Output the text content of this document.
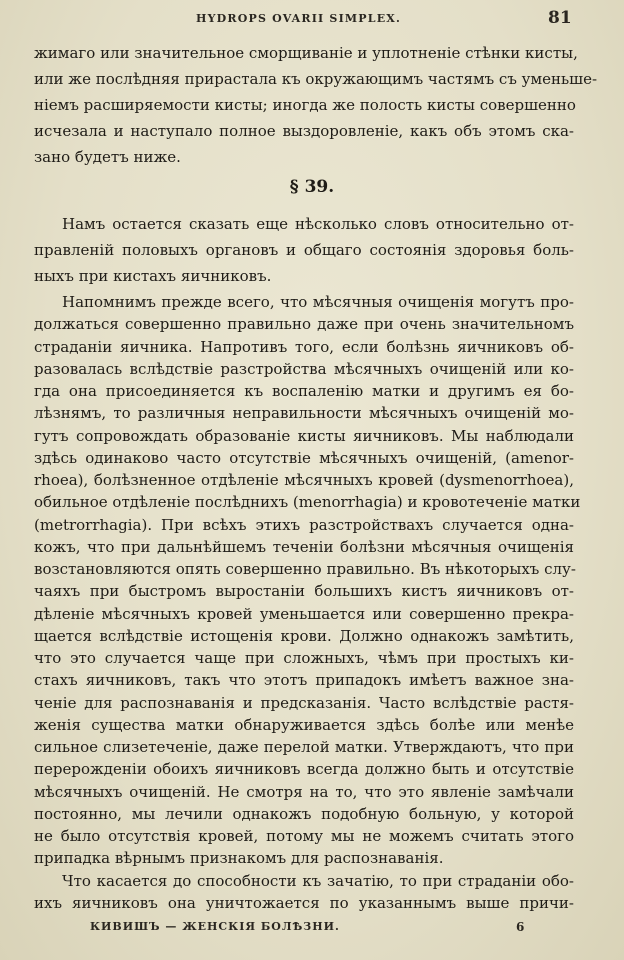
HYDROPS OVARII SIMPLEX.	81
§ 39.
КИВИШЪ — ЖЕНСКIЯ БОЛѢЗНИ.	6
жимаго или значительное сморщиванiе и уплотненiе стѣнки кисты,
или же послѣдняя прирастала къ окружающимъ частямъ съ уменьше-
нiемъ расширяемости кисты; иногда же полость кисты совершенно
исчезала и наступало полное выздоровленiе, какъ объ этомъ ска-
зано будетъ ниже.
Намъ остается сказать еще нѣсколько словъ относительно от-
правленiй половыхъ органовъ и общаго состоянiя здоровья боль-
ныхъ при кистахъ яичниковъ.
Напомнимъ прежде всего, что мѣсячныя очищенiя могутъ про-
должаться совершенно правильно даже при очень значительномъ
страданiи яичника. Напротивъ того, если болѣзнь яичниковъ об-
разовалась вслѣдствiе разстройства мѣсячныхъ очищенiй или ко-
гда она присоединяется къ воспаленiю матки и другимъ ея бо-
лѣзнямъ, то различныя неправильности мѣсячныхъ очищенiй мо-
гутъ сопровождать образованiе кисты яичниковъ. Мы наблюдали
здѣсь одинаково часто отсутствiе мѣсячныхъ очищенiй, (amenor-
rhoea), болѣзненное отдѣленiе мѣсячныхъ кровей (dysmenorrhoea),
обильное отдѣленiе послѣднихъ (menorrhagia) и кровотеченiе матки
(metrorrhagia). При всѣхъ этихъ разстройствахъ случается одна-
кожъ, что при дальнѣйшемъ теченiи болѣзни мѣсячныя очищенiя
возстановляются опять совершенно правильно. Въ нѣкоторыхъ слу-
чаяхъ при быстромъ выростанiи большихъ кистъ яичниковъ от-
дѣленiе мѣсячныхъ кровей уменьшается или совершенно прекра-
щается вслѣдствiе истощенiя крови. Должно однакожъ замѣтить,
что это случается чаще при сложныхъ, чѣмъ при простыхъ ки-
стахъ яичниковъ, такъ что этотъ припадокъ имѣетъ важное зна-
ченiе для распознаванiя и предсказанiя. Часто вслѣдствiе растя-
женiя существа матки обнаруживается здѣсь болѣе или менѣе
сильное слизетеченiе, даже перелой матки. Утверждаютъ, что при
перерожденiи обоихъ яичниковъ всегда должно быть и отсутствiе
мѣсячныхъ очищенiй. Не смотря на то, что это явленiе замѣчали
постоянно, мы лечили однакожъ подобную больную, у которой
не было отсутствiя кровей, потому мы не можемъ считать этого
припадка вѣрнымъ признакомъ для распознаванiя.
Что касается до способности къ зачатiю, то при страданiи обо-
ихъ яичниковъ она уничтожается по указаннымъ выше причи-
